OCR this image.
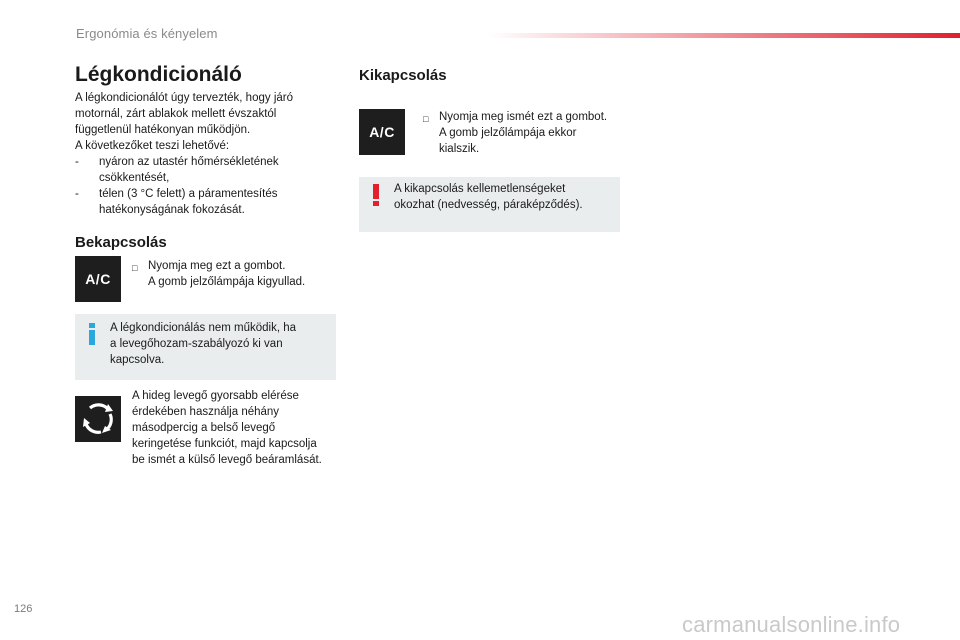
Ergonómia és kényelem
Légkondicionáló
A légkondicionálót úgy tervezték, hogy járó
motornál, zárt ablakok mellett évszaktól
függetlenül hatékonyan működjön.
A következőket teszi lehetővé:
- nyáron az utastér hőmérsékletének
csökkentését,
- télen (3 °C felett) a páramentesítés
hatékonyságának fokozását.
Bekapcsolás
A/C
□ Nyomja meg ezt a gombot.
A gomb jelzőlámpája kigyullad.
A légkondicionálás nem működik, ha
a levegőhozam-szabályozó ki van
kapcsolva.
A hideg levegő gyorsabb elérése
érdekében használja néhány
másodpercig a belső levegő
keringetése funkciót, majd kapcsolja
be ismét a külső levegő beáramlását.
Kikapcsolás
A/C
□ Nyomja meg ismét ezt a gombot.
A gomb jelzőlámpája ekkor
kialszik.
A kikapcsolás kellemetlenségeket
okozhat (nedvesség, páraképződés).
126
carmanualsonline.info
